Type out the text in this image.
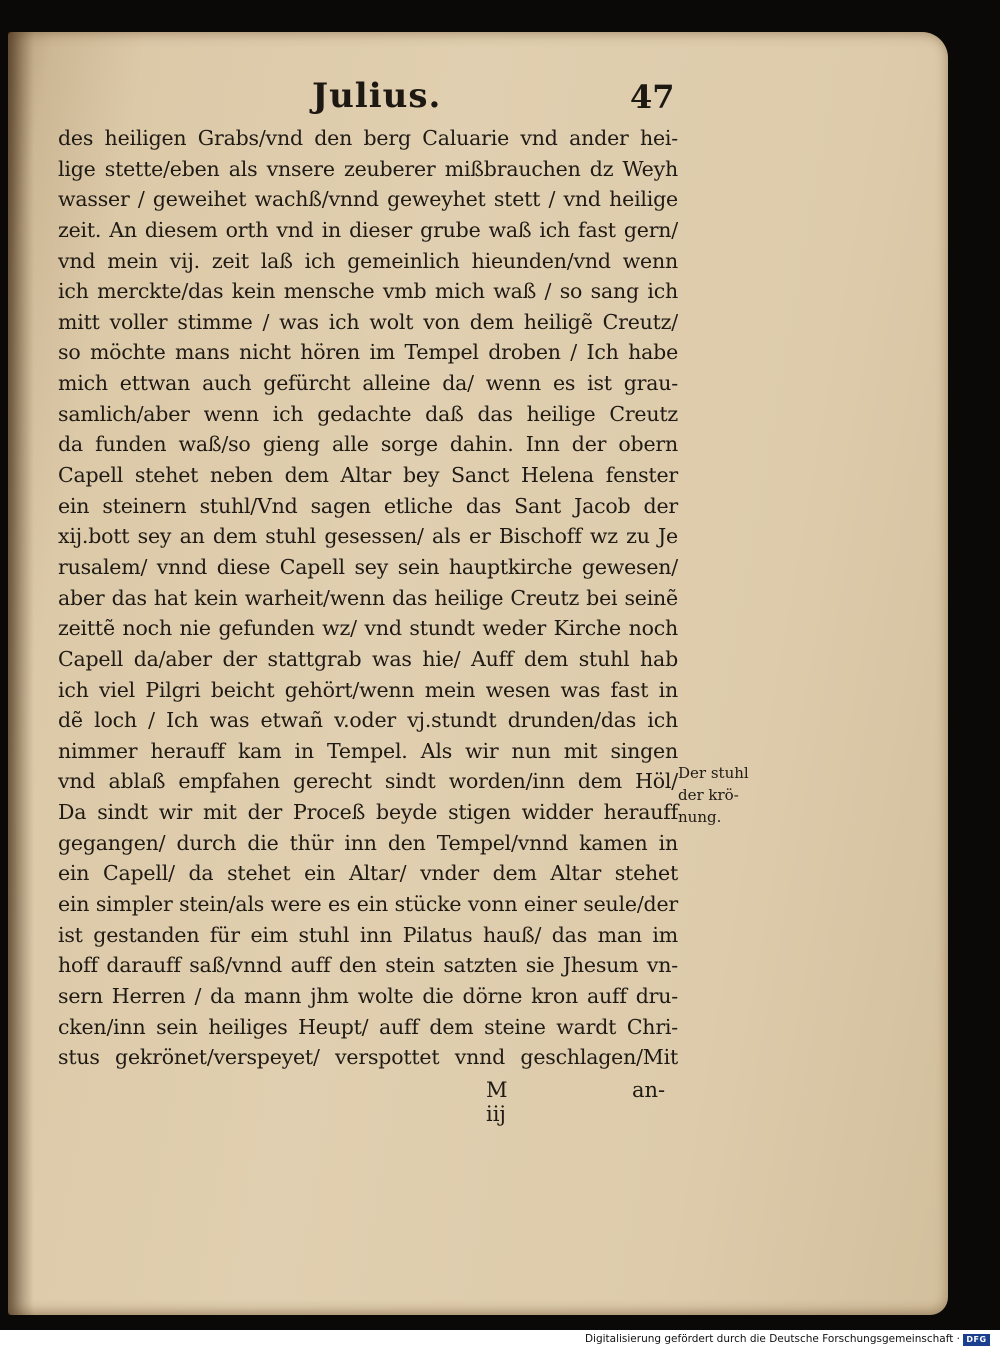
Julius.	47
des heiligen Grabs/vnd den berg Caluarie vnd ander hei-
lige stette/eben als vnsere zeuberer mißbrauchen dz Weyh
wasser / geweihet wachß/vnnd geweyhet stett / vnd heilige
zeit. An diesem orth vnd in dieser grube waß ich fast gern/
vnd mein vij. zeit laß ich gemeinlich hieunden/vnd wenn
ich merckte/das kein mensche vmb mich waß / so sang ich
mitt voller stimme / was ich wolt von dem heiligẽ Creutz/
so möchte mans nicht hören im Tempel droben / Ich habe
mich ettwan auch gefürcht alleine da/ wenn es ist grau-
samlich/aber wenn ich gedachte daß das heilige Creutz
da funden waß/so gieng alle sorge dahin. Inn der obern
Capell stehet neben dem Altar bey Sanct Helena fenster
ein steinern stuhl/Vnd sagen etliche das Sant Jacob der
xij.bott sey an dem stuhl gesessen/ als er Bischoff wz zu Je
rusalem/ vnnd diese Capell sey sein hauptkirche gewesen/
aber das hat kein warheit/wenn das heilige Creutz bei seinẽ
zeittẽ noch nie gefunden wz/ vnd stundt weder Kirche noch
Capell da/aber der stattgrab was hie/ Auff dem stuhl hab
ich viel Pilgri beicht gehört/wenn mein wesen was fast in
dẽ loch / Ich was etwañ v.oder vj.stundt drunden/das ich
nimmer herauff kam in Tempel. Als wir nun mit singen
vnd ablaß empfahen gerecht sindt worden/inn dem Höl/
Da sindt wir mit der Proceß beyde stigen widder herauff
gegangen/ durch die thür inn den Tempel/vnnd kamen in
ein Capell/ da stehet ein Altar/ vnder dem Altar stehet
ein simpler stein/als were es ein stücke vonn einer seule/der
ist gestanden für eim stuhl inn Pilatus hauß/ das man im
hoff darauff saß/vnnd auff den stein satzten sie Jhesum vn-
sern Herren / da mann jhm wolte die dörne kron auff dru-
cken/inn sein heiliges Heupt/ auff dem steine wardt Chri-
stus gekrönet/verspeyet/ verspottet vnnd geschlagen/Mit
Der stuhl
der krö-
nung.
M iij
an-
Digitalisierung gefördert durch die Deutsche Forschungsgemeinschaft · DFG
